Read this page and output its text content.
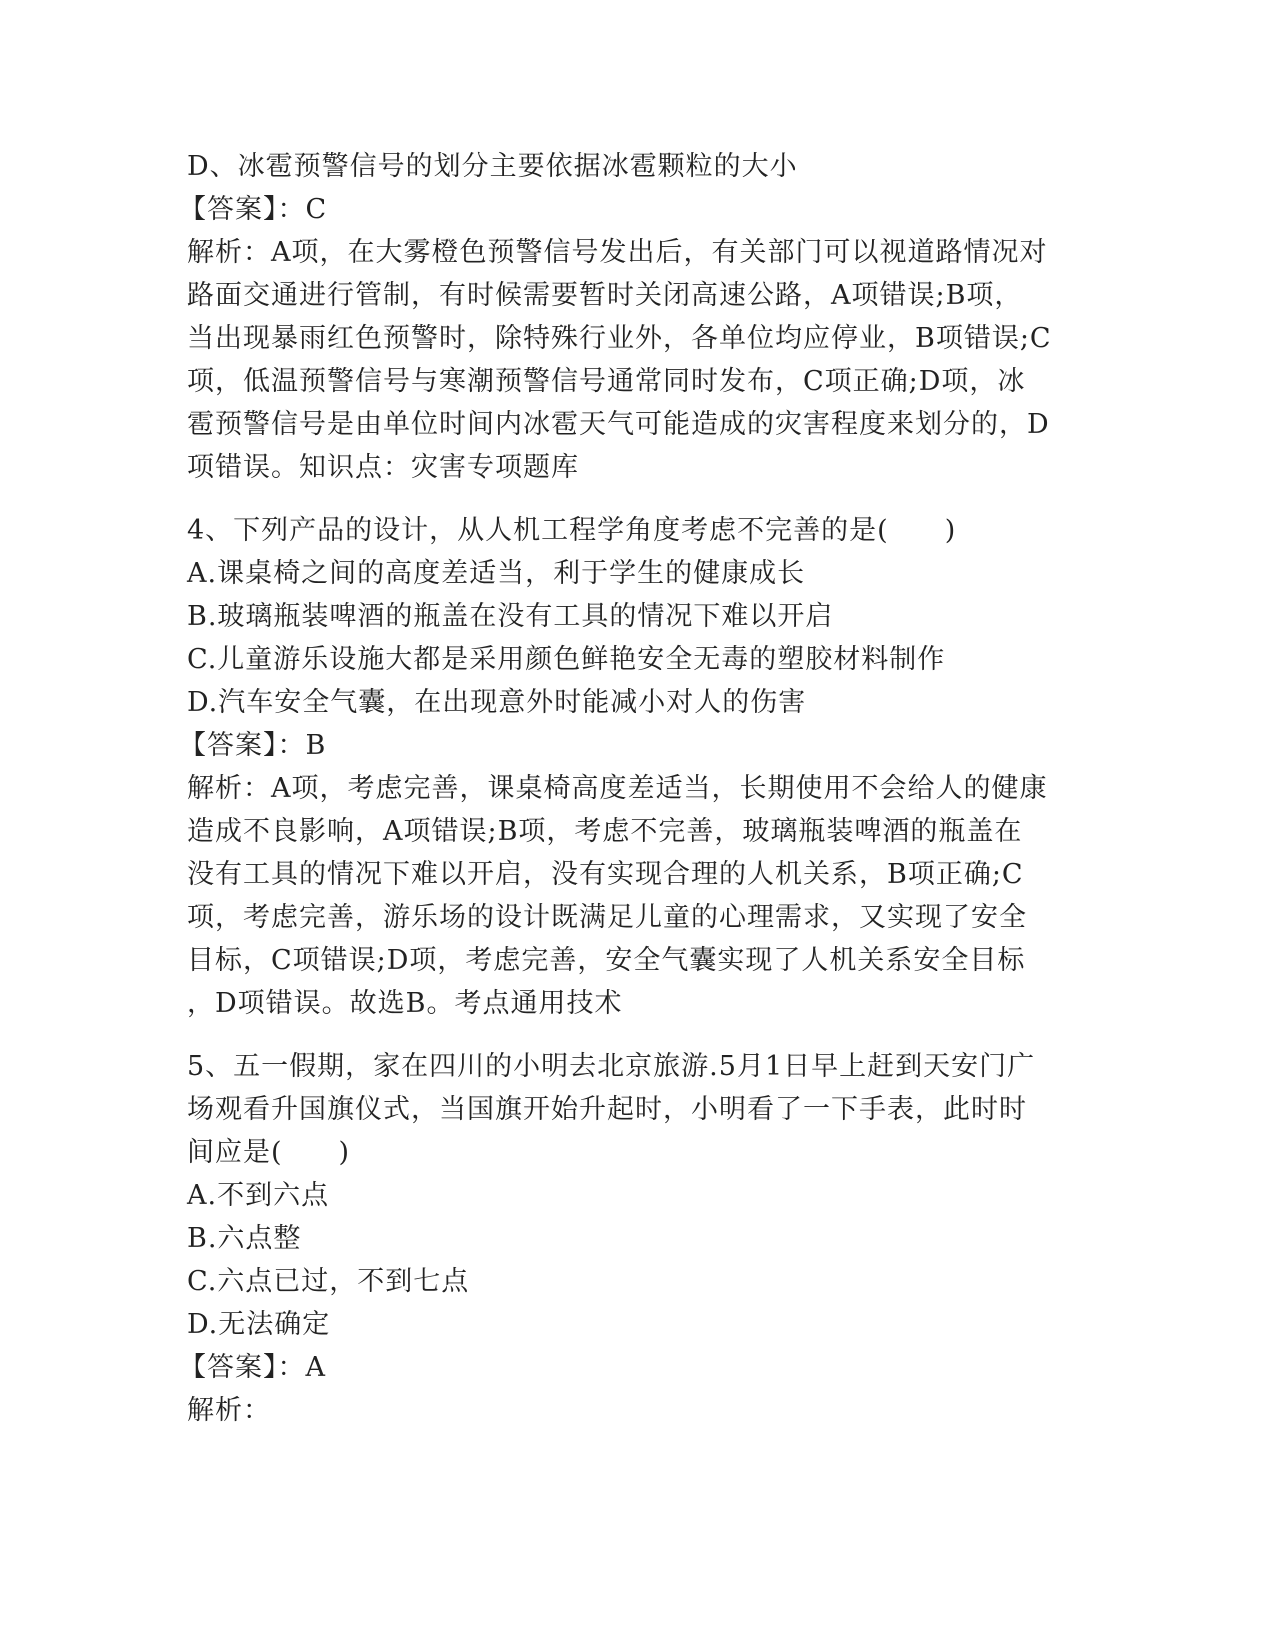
D、冰雹预警信号的划分主要依据冰雹颗粒的大小
【答案】：C
解析：A项，在大雾橙色预警信号发出后，有关部门可以视道路情况对
路面交通进行管制，有时候需要暂时关闭高速公路，A项错误;B项，
当出现暴雨红色预警时，除特殊行业外，各单位均应停业，B项错误;C
项，低温预警信号与寒潮预警信号通常同时发布，C项正确;D项，冰
雹预警信号是由单位时间内冰雹天气可能造成的灾害程度来划分的，D
项错误。知识点：灾害专项题库
4、下列产品的设计，从人机工程学角度考虑不完善的是(　　)
A.课桌椅之间的高度差适当，利于学生的健康成长
B.玻璃瓶装啤酒的瓶盖在没有工具的情况下难以开启
C.儿童游乐设施大都是采用颜色鲜艳安全无毒的塑胶材料制作
D.汽车安全气囊，在出现意外时能减小对人的伤害
【答案】：B
解析：A项，考虑完善，课桌椅高度差适当，长期使用不会给人的健康
造成不良影响，A项错误;B项，考虑不完善，玻璃瓶装啤酒的瓶盖在
没有工具的情况下难以开启，没有实现合理的人机关系，B项正确;C
项，考虑完善，游乐场的设计既满足儿童的心理需求，又实现了安全
目标，C项错误;D项，考虑完善，安全气囊实现了人机关系安全目标
，D项错误。故选B。考点通用技术
5、五一假期，家在四川的小明去北京旅游.5月1日早上赶到天安门广
场观看升国旗仪式，当国旗开始升起时，小明看了一下手表，此时时
间应是(　　)
A.不到六点
B.六点整
C.六点已过，不到七点
D.无法确定
【答案】：A
解析：
